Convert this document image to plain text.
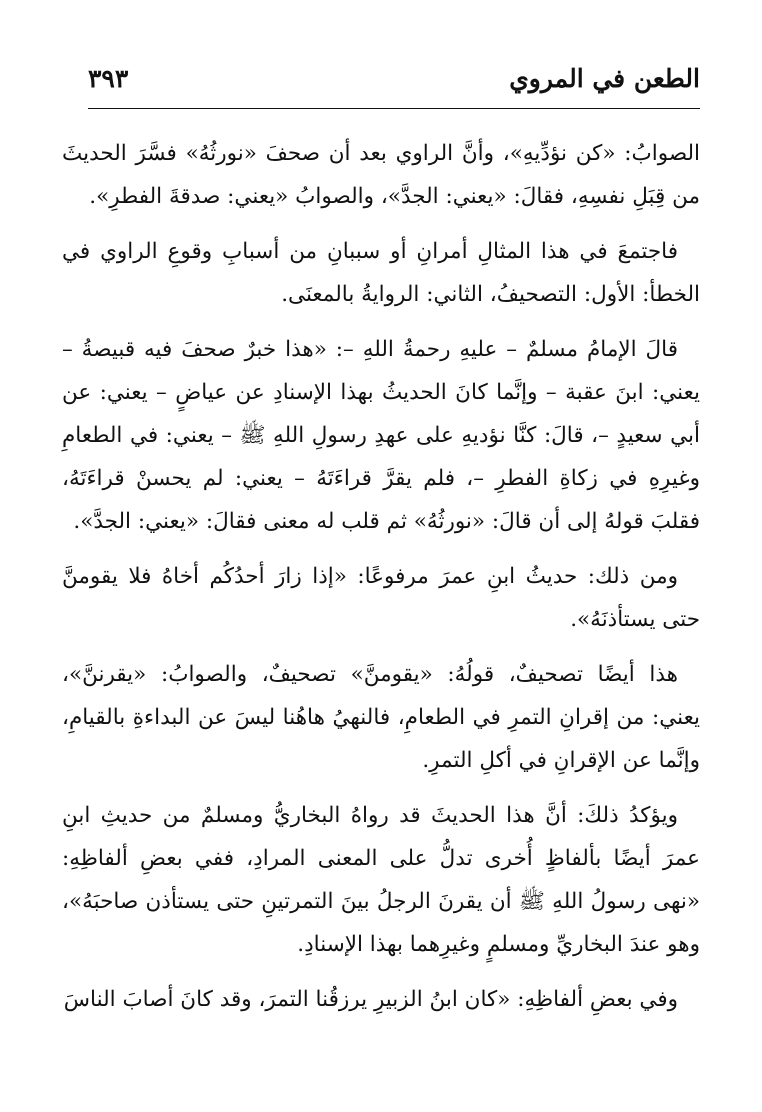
الطعن في المروي
٣٩٣

الصوابُ: «كن نؤدِّيهِ»، وأنَّ الراوي بعد أن صحفَ «نورثُهُ» فسَّرَ الحديثَ من قِبَلِ نفسِهِ، فقالَ: «يعني: الجدَّ»، والصوابُ «يعني: صدقةَ الفطرِ».

فاجتمعَ في هذا المثالِ أمرانِ أو سببانِ من أسبابِ وقوعِ الراوي في الخطأ: الأول: التصحيفُ، الثاني: الروايةُ بالمعنَى.

قالَ الإمامُ مسلمٌ – عليهِ رحمةُ اللهِ –: «هذا خبرٌ صحفَ فيه قبيصةُ – يعني: ابنَ عقبة – وإنَّما كانَ الحديثُ بهذا الإسنادِ عن عياضٍ – يعني: عن أبي سعيدٍ –، قالَ: كنَّا نؤديهِ على عهدِ رسولِ اللهِ ﷺ – يعني: في الطعامِ وغيرِهِ في زكاةِ الفطرِ –، فلم يقرَّ قراءَتَهُ – يعني: لم يحسنْ قراءَتَهُ، فقلبَ قولهُ إلى أن قالَ: «نورثُهُ» ثم قلب له معنى فقالَ: «يعني: الجدَّ».

ومن ذلك: حديثُ ابنِ عمرَ مرفوعًا: «إذا زارَ أحدُكُم أخاهُ فلا يقومنَّ حتى يستأذنَهُ».

هذا أيضًا تصحيفٌ، قولُهُ: «يقومنَّ» تصحيفٌ، والصوابُ: «يقرننَّ»، يعني: من إقرانِ التمرِ في الطعامِ، فالنهيُ هاهُنا ليسَ عن البداءةِ بالقيامِ، وإنَّما عن الإقرانِ في أكلِ التمرِ.

ويؤكدُ ذلكَ: أنَّ هذا الحديثَ قد رواهُ البخاريُّ ومسلمٌ من حديثِ ابنِ عمرَ أيضًا بألفاظٍ أُخرى تدلُّ على المعنى المرادِ، ففي بعضِ ألفاظِهِ: «نهى رسولُ اللهِ ﷺ أن يقرنَ الرجلُ بينَ التمرتينِ حتى يستأذن صاحبَهُ»، وهو عندَ البخاريِّ ومسلمٍ وغيرِهما بهذا الإسنادِ.

وفي بعضِ ألفاظِهِ: «كان ابنُ الزبيرِ يرزقُنا التمرَ، وقد كانَ أصابَ الناسَ
